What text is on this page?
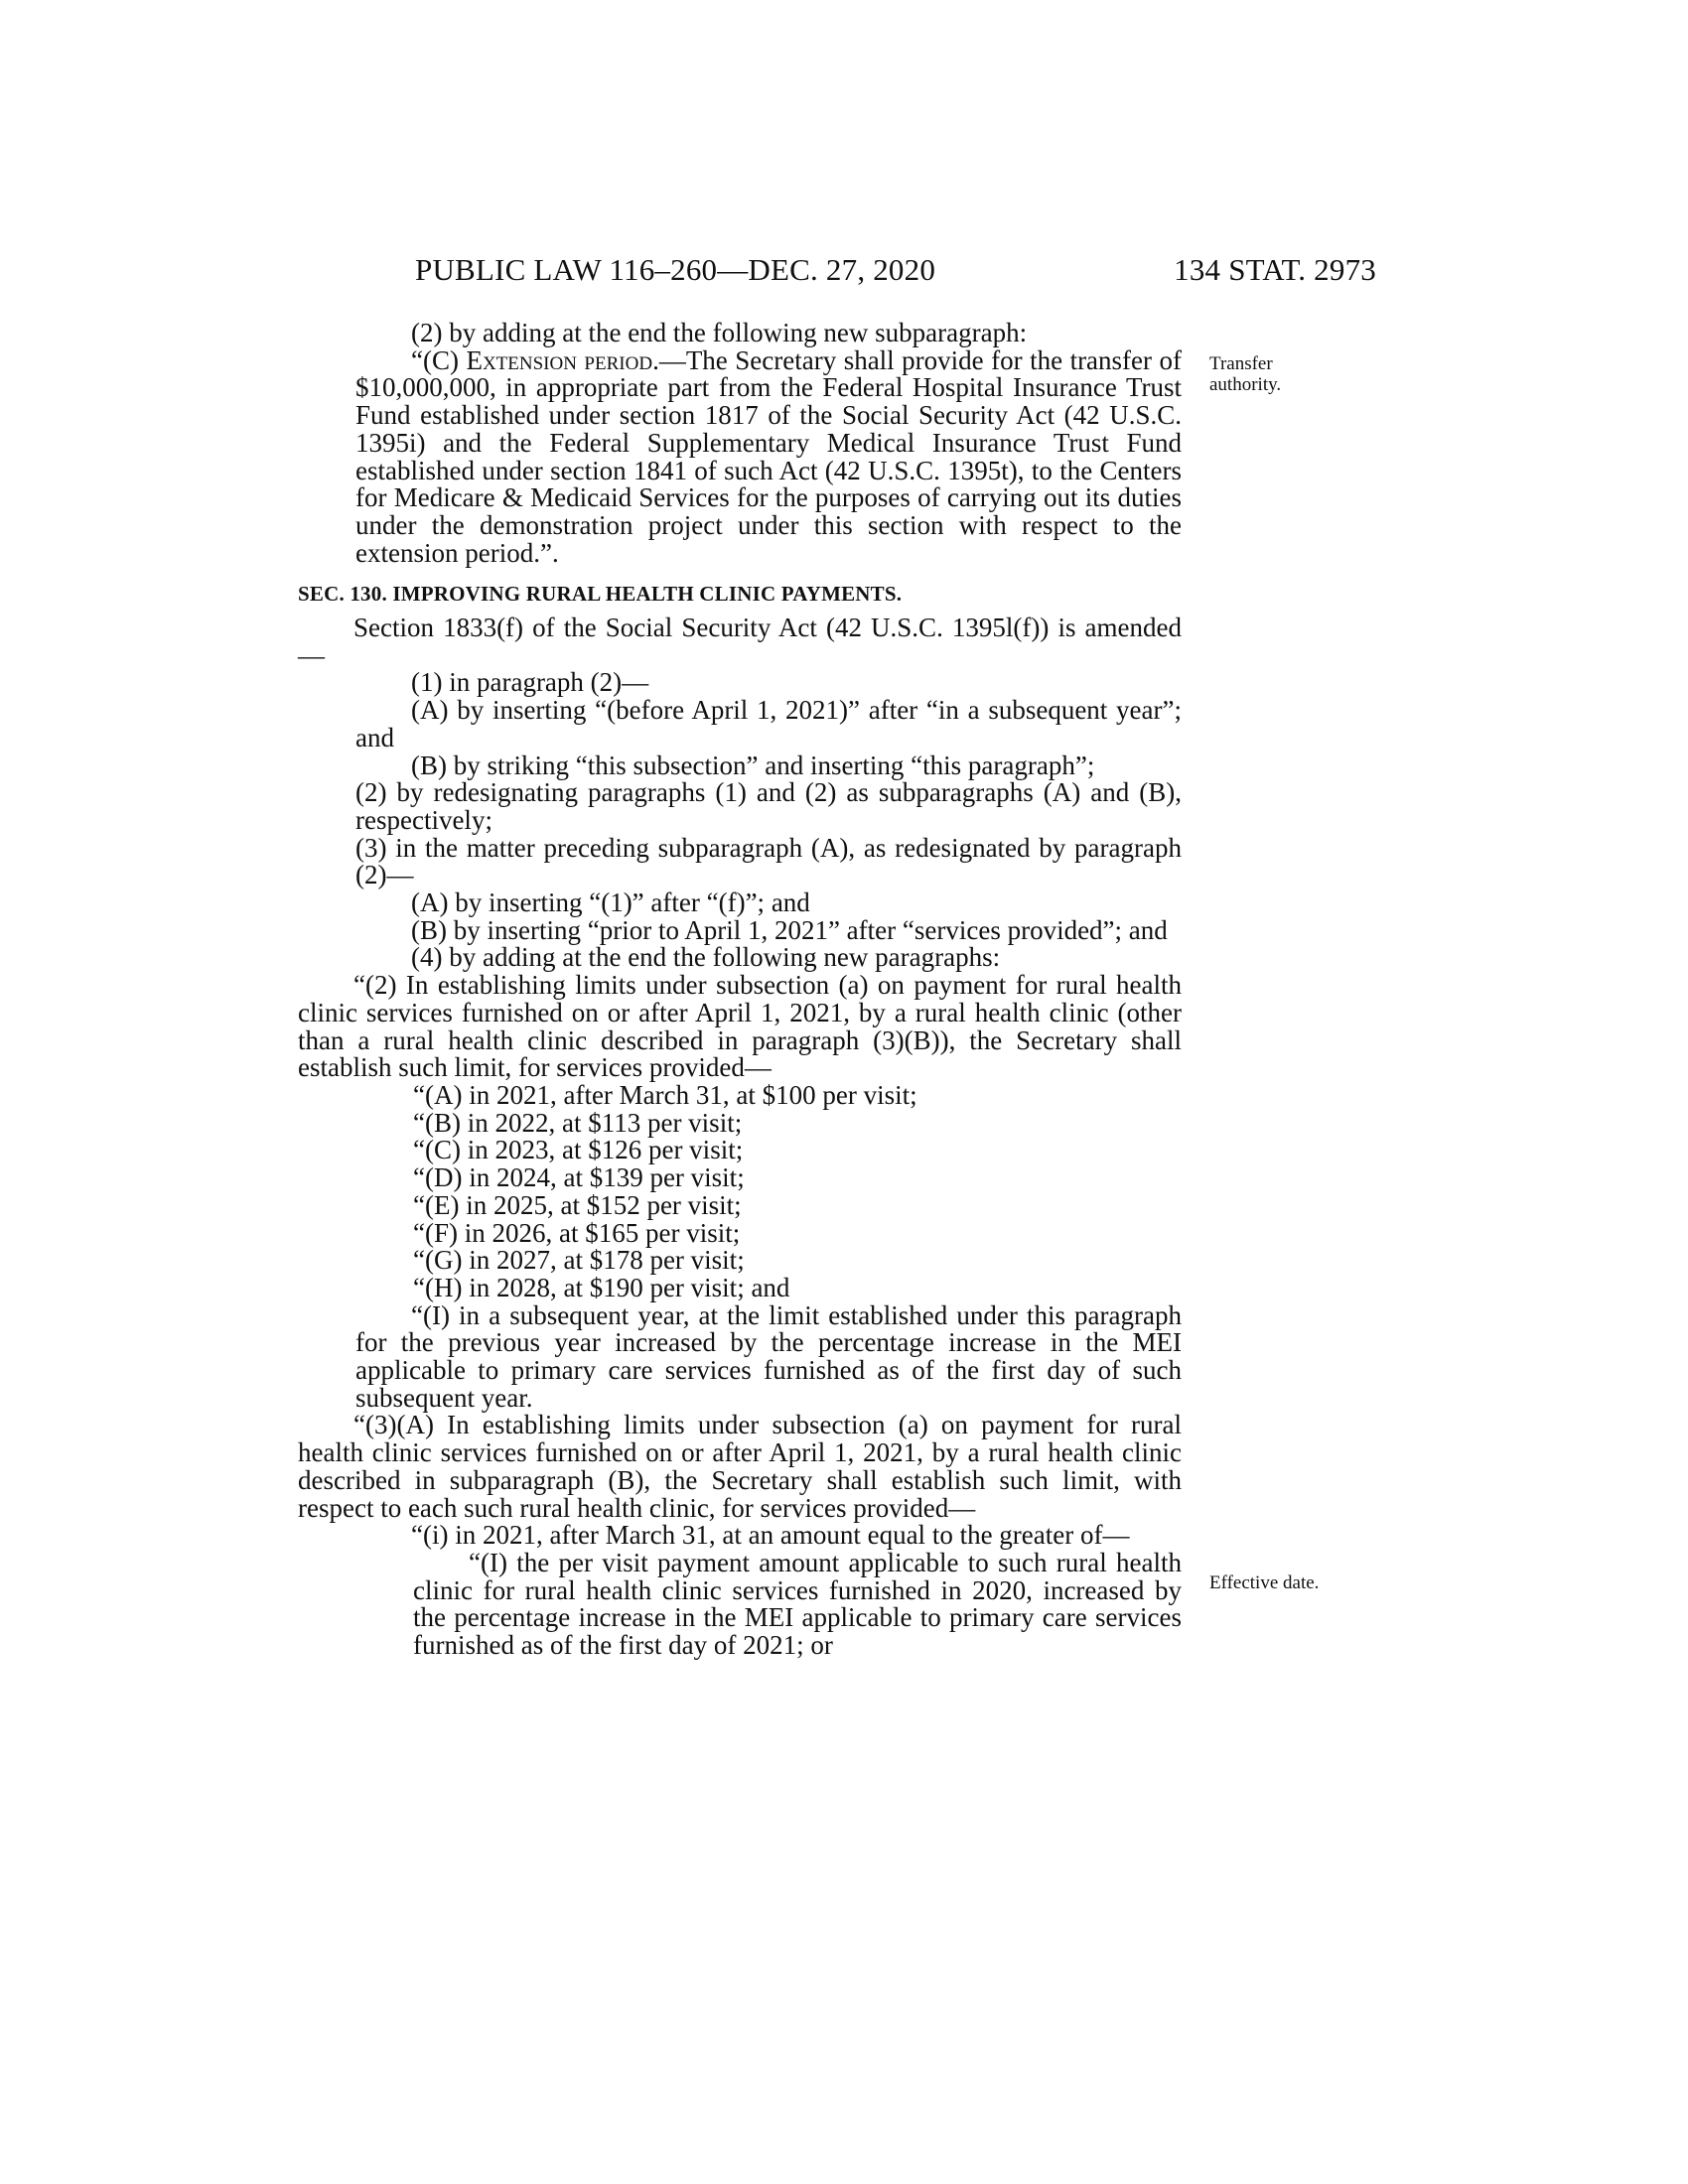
PUBLIC LAW 116–260—DEC. 27, 2020	134 STAT. 2973
Transfer
authority.
Effective date.

(2) by adding at the end the following new subparagraph:

“(C) Extension period.—The Secretary shall provide for the transfer of $10,000,000, in appropriate part from the Federal Hospital Insurance Trust Fund established under section 1817 of the Social Security Act (42 U.S.C. 1395i) and the Federal Supplementary Medical Insurance Trust Fund established under section 1841 of such Act (42 U.S.C. 1395t), to the Centers for Medicare & Medicaid Services for the purposes of carrying out its duties under the demonstration project under this section with respect to the extension period.”.

SEC. 130. IMPROVING RURAL HEALTH CLINIC PAYMENTS.

Section 1833(f) of the Social Security Act (42 U.S.C. 1395l(f)) is amended—

(1) in paragraph (2)—

(A) by inserting “(before April 1, 2021)” after “in a subsequent year”; and

(B) by striking “this subsection” and inserting “this paragraph”;

(2) by redesignating paragraphs (1) and (2) as subparagraphs (A) and (B), respectively;

(3) in the matter preceding subparagraph (A), as redesignated by paragraph (2)—

(A) by inserting “(1)” after “(f)”; and

(B) by inserting “prior to April 1, 2021” after “services provided”; and

(4) by adding at the end the following new paragraphs:

“(2) In establishing limits under subsection (a) on payment for rural health clinic services furnished on or after April 1, 2021, by a rural health clinic (other than a rural health clinic described in paragraph (3)(B)), the Secretary shall establish such limit, for services provided—

“(A) in 2021, after March 31, at $100 per visit;

“(B) in 2022, at $113 per visit;

“(C) in 2023, at $126 per visit;

“(D) in 2024, at $139 per visit;

“(E) in 2025, at $152 per visit;

“(F) in 2026, at $165 per visit;

“(G) in 2027, at $178 per visit;

“(H) in 2028, at $190 per visit; and

“(I) in a subsequent year, at the limit established under this paragraph for the previous year increased by the percentage increase in the MEI applicable to primary care services furnished as of the first day of such subsequent year.

“(3)(A) In establishing limits under subsection (a) on payment for rural health clinic services furnished on or after April 1, 2021, by a rural health clinic described in subparagraph (B), the Secretary shall establish such limit, with respect to each such rural health clinic, for services provided—

“(i) in 2021, after March 31, at an amount equal to the greater of—

“(I) the per visit payment amount applicable to such rural health clinic for rural health clinic services furnished in 2020, increased by the percentage increase in the MEI applicable to primary care services furnished as of the first day of 2021; or
